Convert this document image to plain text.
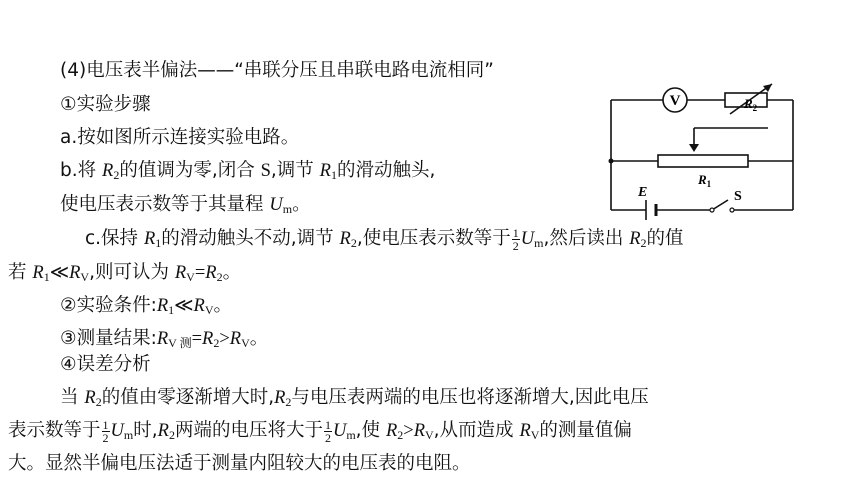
(4)电压表半偏法——“串联分压且串联电路电流相同”
①实验步骤
a.按如图所示连接实验电路。
b.将 $R_2$的值调为零,闭合 S,调节 $R_1$的滑动触头,
使电压表示数等于其量程 $U_m$。
c.保持 $R_1$的滑动触头不动,调节 $R_2$,使电压表示数等于 $\frac{1}{2} U_m$,然后读出 $R_2$的值
若 $R_1≪R_V$,则可认为 $R_V=R_2$。
②实验条件$:R_1≪R_V$。
③测量结果$:R_{V 测}=R_2>R_V$。
④误差分析
当 $R_2$的值由零逐渐增大时$,R_2$与电压表两端的电压也将逐渐增大,因此电压
表示数等于 $\frac{1}{2} U_m$时$,R_2$两端的电压将大于 $\frac{1}{2} U_m$,使 $R_2>R_V$,从而造成 $R_V$的测量值偏
大。显然半偏电压法适于测量内阻较大的电压表的电阻。
V	$R_2$
$R_1$
E	S
